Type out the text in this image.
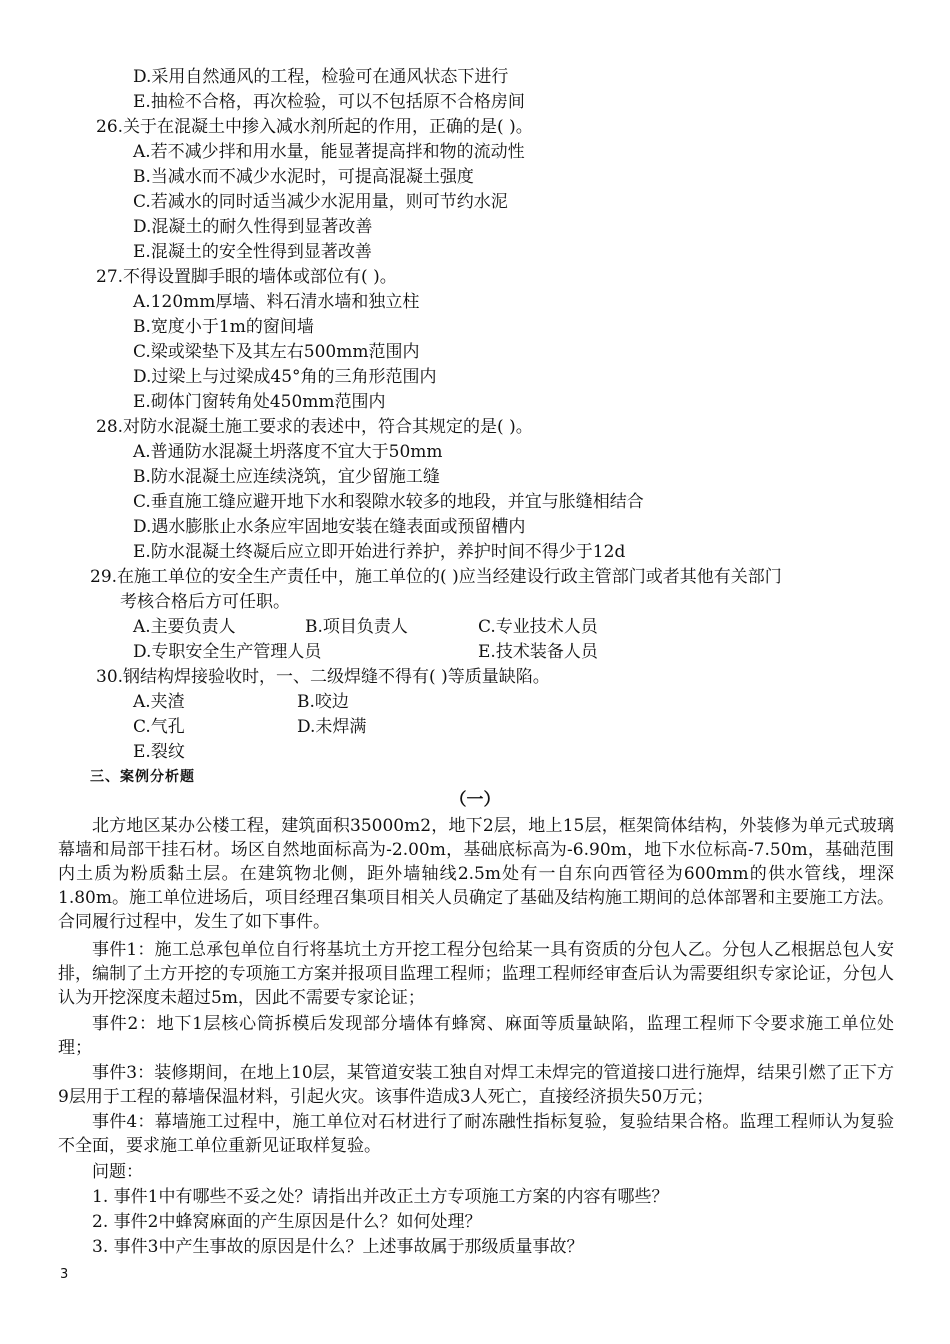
D.采用自然通风的工程，检验可在通风状态下进行
E.抽检不合格，再次检验，可以不包括原不合格房间
26.关于在混凝土中掺入减水剂所起的作用，正确的是( )。
A.若不减少拌和用水量，能显著提高拌和物的流动性
B.当减水而不减少水泥时，可提高混凝土强度
C.若减水的同时适当减少水泥用量，则可节约水泥
D.混凝土的耐久性得到显著改善
E.混凝土的安全性得到显著改善
27.不得设置脚手眼的墙体或部位有( )。
A.120mm厚墙、料石清水墙和独立柱
B.宽度小于1m的窗间墙
C.梁或梁垫下及其左右500mm范围内
D.过梁上与过梁成45°角的三角形范围内
E.砌体门窗转角处450mm范围内
28.对防水混凝土施工要求的表述中，符合其规定的是( )。
A.普通防水混凝土坍落度不宜大于50mm
B.防水混凝土应连续浇筑，宜少留施工缝
C.垂直施工缝应避开地下水和裂隙水较多的地段，并宜与胀缝相结合
D.遇水膨胀止水条应牢固地安装在缝表面或预留槽内
E.防水混凝土终凝后应立即开始进行养护，养护时间不得少于12d
29.在施工单位的安全生产责任中，施工单位的( )应当经建设行政主管部门或者其他有关部门
考核合格后方可任职。
A.主要负责人	B.项目负责人	C.专业技术人员
D.专职安全生产管理人员	E.技术装备人员
30.钢结构焊接验收时，一、二级焊缝不得有( )等质量缺陷。
A.夹渣	B.咬边
C.气孔	D.未焊满
E.裂纹
三、案例分析题
（一）
北方地区某办公楼工程，建筑面积35000m2，地下2层，地上15层，框架筒体结构，外装修为单元式玻璃幕墙和局部干挂石材。场区自然地面标高为-2.00m，基础底标高为-6.90m，地下水位标高-7.50m，基础范围内土质为粉质黏土层。在建筑物北侧，距外墙轴线2.5m处有一自东向西管径为600mm的供水管线，埋深1.80m。施工单位进场后，项目经理召集项目相关人员确定了基础及结构施工期间的总体部署和主要施工方法。合同履行过程中，发生了如下事件。
事件1：施工总承包单位自行将基坑土方开挖工程分包给某一具有资质的分包人乙。分包人乙根据总包人安排，编制了土方开挖的专项施工方案并报项目监理工程师；监理工程师经审查后认为需要组织专家论证，分包人认为开挖深度未超过5m，因此不需要专家论证；
事件2：地下1层核心筒拆模后发现部分墙体有蜂窝、麻面等质量缺陷，监理工程师下令要求施工单位处理；
事件3：装修期间，在地上10层，某管道安装工独自对焊工未焊完的管道接口进行施焊，结果引燃了正下方9层用于工程的幕墙保温材料，引起火灾。该事件造成3人死亡，直接经济损失50万元；
事件4：幕墙施工过程中，施工单位对石材进行了耐冻融性指标复验，复验结果合格。监理工程师认为复验不全面，要求施工单位重新见证取样复验。
问题：
1. 事件1中有哪些不妥之处？请指出并改正土方专项施工方案的内容有哪些？
2. 事件2中蜂窝麻面的产生原因是什么？如何处理？
3. 事件3中产生事故的原因是什么？上述事故属于那级质量事故？
3
